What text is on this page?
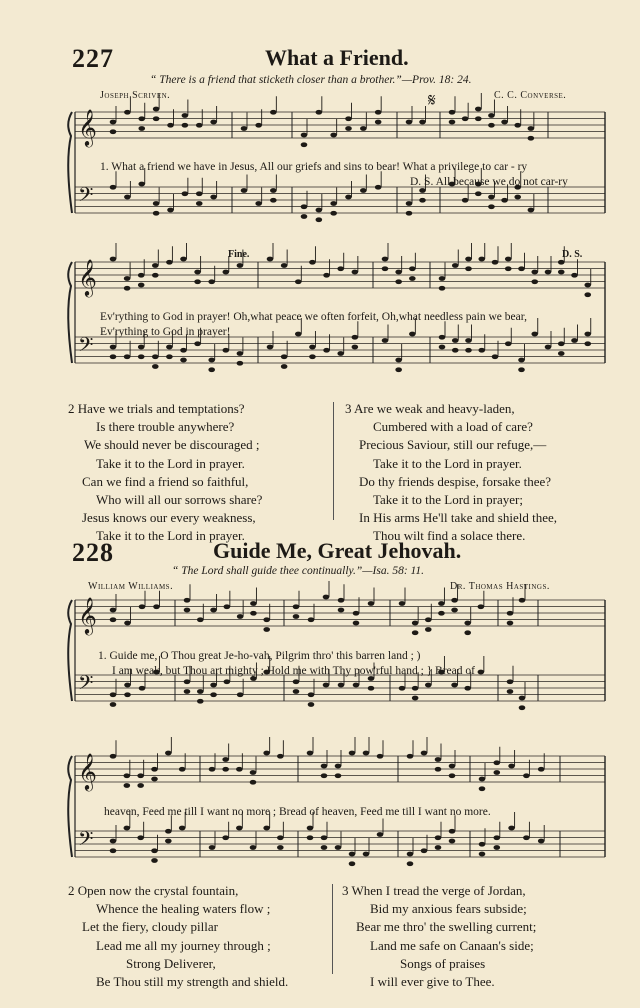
227	What a Friend.
“ There is a friend that sticketh closer than a brother.”—Prov. 18: 24.
Joseph Scriven.	C. C. Converse.
𝄋
𝄞
𝄢
1. What a friend we have in Jesus, All our griefs and sins to bear! What a privilege to car - ry
D. S. All because we do not car-ry
Fine.	D. S.
𝄞
𝄢
Ev'rything to God in prayer! Oh,what peace we often forfeit, Oh,what needless pain we bear,
Ev'rything to God in prayer!
2 Have we trials and temptations?
Is there trouble anywhere?
We should never be discouraged ;
Take it to the Lord in prayer.
Can we find a friend so faithful,
Who will all our sorrows share?
Jesus knows our every weakness,
Take it to the Lord in prayer.
3 Are we weak and heavy-laden,
Cumbered with a load of care?
Precious Saviour, still our refuge,—
Take it to the Lord in prayer.
Do thy friends despise, forsake thee?
Take it to the Lord in prayer;
In His arms He'll take and shield thee,
Thou wilt find a solace there.
228	Guide Me, Great Jehovah.
“ The Lord shall guide thee continually.”—Isa. 58: 11.
William Williams.	Dr. Thomas Hastings.
𝄞
𝄢
1. Guide me, O Thou great Je-ho-vah, Pilgrim thro' this barren land ; )
I am weak, but Thou art mighty ; Hold me with Thy pow'rful hand ; } Bread of
𝄞
𝄢
heaven, Feed me till I want no more ; Bread of heaven, Feed me till I want no more.
2 Open now the crystal fountain,
Whence the healing waters flow ;
Let the fiery, cloudy pillar
Lead me all my journey through ;
Strong Deliverer,
Be Thou still my strength and shield.
3 When I tread the verge of Jordan,
Bid my anxious fears subside;
Bear me thro' the swelling current;
Land me safe on Canaan's side;
Songs of praises
I will ever give to Thee.
